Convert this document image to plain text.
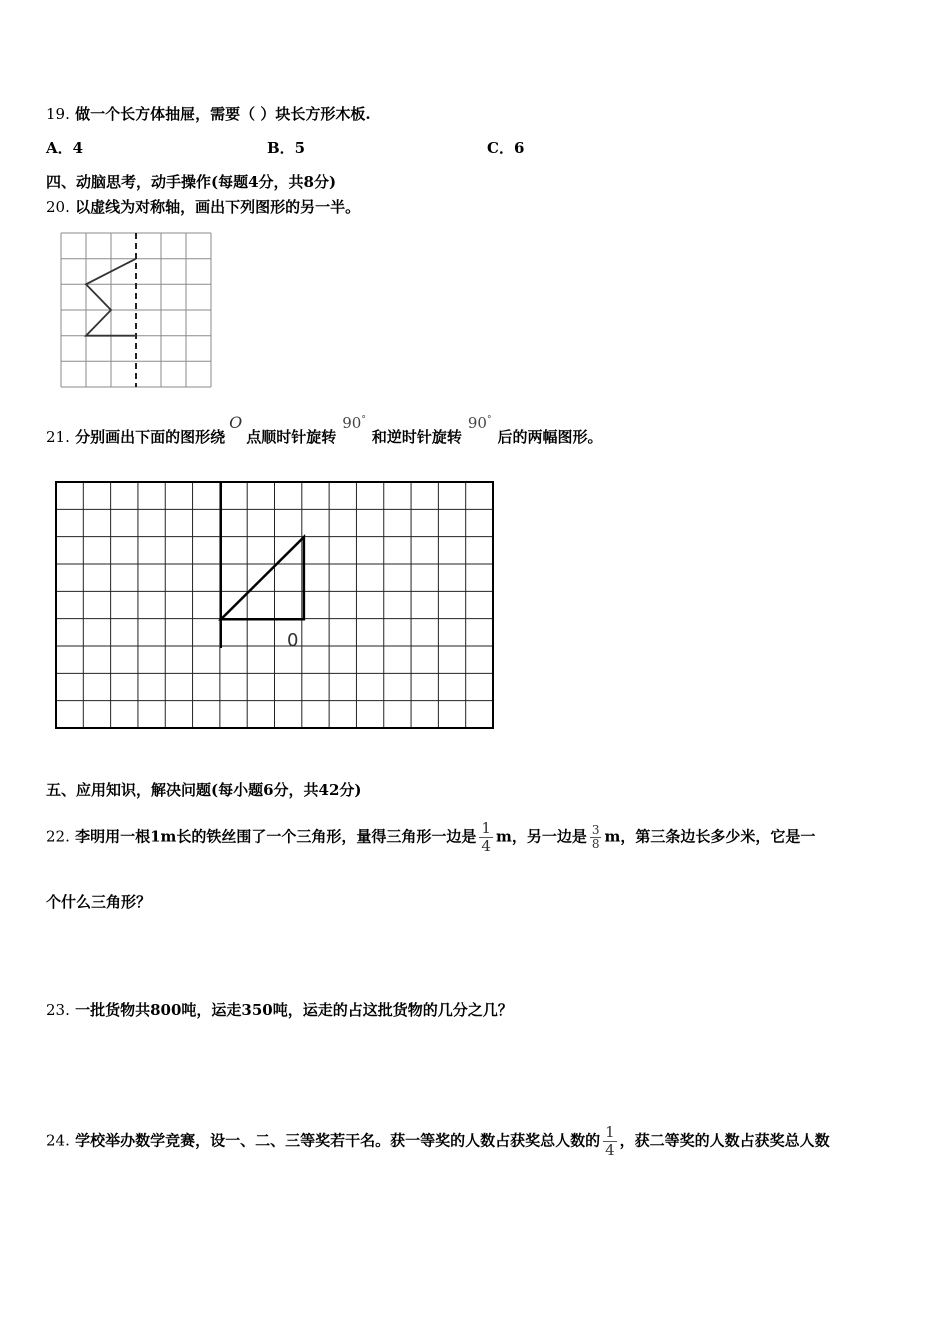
19. 做一个长方体抽屉，需要（ ）块长方形木板.
A．4	B．5	C．6
四、动脑思考，动手操作(每题4分，共8分)
20. 以虚线为对称轴，画出下列图形的另一半。
21. 分别画出下面的图形绕O点顺时针旋转90°和逆时针旋转90°后的两幅图形。
0
五、应用知识，解决问题(每小题6分，共42分)
22. 李明用一根1m长的铁丝围了一个三角形，量得三角形一边是 $\frac{1}{4}$ m，另一边是 $\frac{3}{8}$ m，第三条边长多少米，它是一
个什么三角形？
23. 一批货物共800吨，运走350吨，运走的占这批货物的几分之几？
24. 学校举办数学竞赛，设一、二、三等奖若干名。获一等奖的人数占获奖总人数的 $\frac{1}{4}$ ，获二等奖的人数占获奖总人数
